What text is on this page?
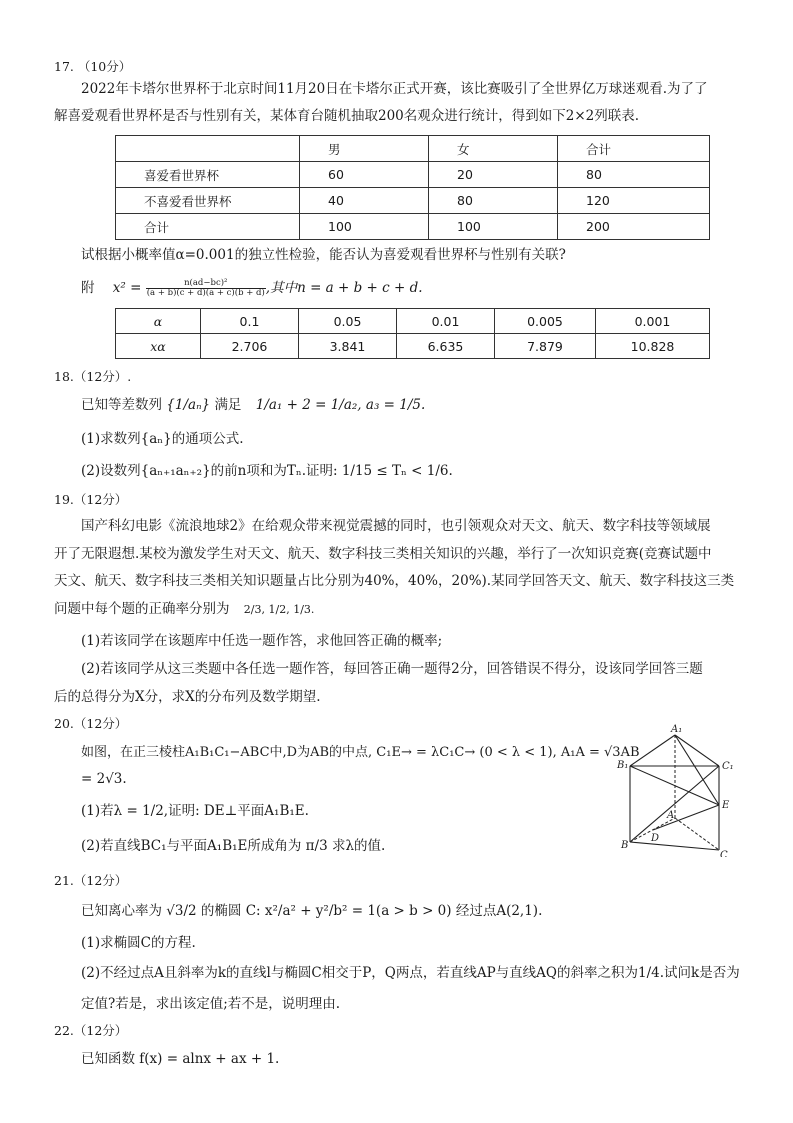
17. （10分）
2022年卡塔尔世界杯于北京时间11月20日在卡塔尔正式开赛，该比赛吸引了全世界亿万球迷观看.为了了
解喜爱观看世界杯是否与性别有关，某体育台随机抽取200名观众进行统计，得到如下2×2列联表.
	男	女	合计
喜爱看世界杯	60	20	80
不喜爱看世界杯	40	80	120
合计	100	100	200
试根据小概率值α=0.001的独立性检验，能否认为喜爱观看世界杯与性别有关联?
附 $x^2 = \frac{\text{n(ad−bc)²}}{(a + b)(c + d)(a + c)(b + d)}$ ,其中n = a + b + c + d.
α	0.1	0.05	0.01	0.005	0.001
xα	2.706	3.841	6.635	7.879	10.828
18.（12分）.
已知等差数列 {1/aₙ} 满足 1/a₁ + 2 = 1/a₂, a₃ = 1/5.
(1)求数列{aₙ}的通项公式.
(2)设数列{aₙ₊₁aₙ₊₂}的前n项和为Tₙ.证明: 1/15 ≤ Tₙ < 1/6.
19.（12分）
国产科幻电影《流浪地球2》在给观众带来视觉震撼的同时，也引领观众对天文、航天、数字科技等领域展
开了无限遐想.某校为激发学生对天文、航天、数字科技三类相关知识的兴趣，举行了一次知识竞赛(竞赛试题中
天文、航天、数字科技三类相关知识题量占比分别为40%，40%，20%).某同学回答天文、航天、数字科技这三类
问题中每个题的正确率分别为 2/3, 1/2, 1/3.
(1)若该同学在该题库中任选一题作答，求他回答正确的概率;
(2)若该同学从这三类题中各任选一题作答，每回答正确一题得2分，回答错误不得分，设该同学回答三题
后的总得分为X分，求X的分布列及数学期望.
20.（12分）
如图，在正三棱柱A₁B₁C₁−ABC中,D为AB的中点, C₁E→ = λC₁C→ (0 < λ < 1), A₁A = √3AB
= 2√3.
(1)若λ = 1/2,证明: DE⊥平面A₁B₁E.
(2)若直线BC₁与平面A₁B₁E所成角为 π/3 求λ的值.
A₁
B₁	C₁
A
B
C
D
E
21.（12分）
已知离心率为 √3/2 的椭圆 C: x²/a² + y²/b² = 1(a > b > 0) 经过点A(2,1).
(1)求椭圆C的方程.
(2)不经过点A且斜率为k的直线l与椭圆C相交于P，Q两点，若直线AP与直线AQ的斜率之积为1/4.试问k是否为
定值?若是，求出该定值;若不是，说明理由.
22.（12分）
已知函数 f(x) = alnx + ax + 1.
